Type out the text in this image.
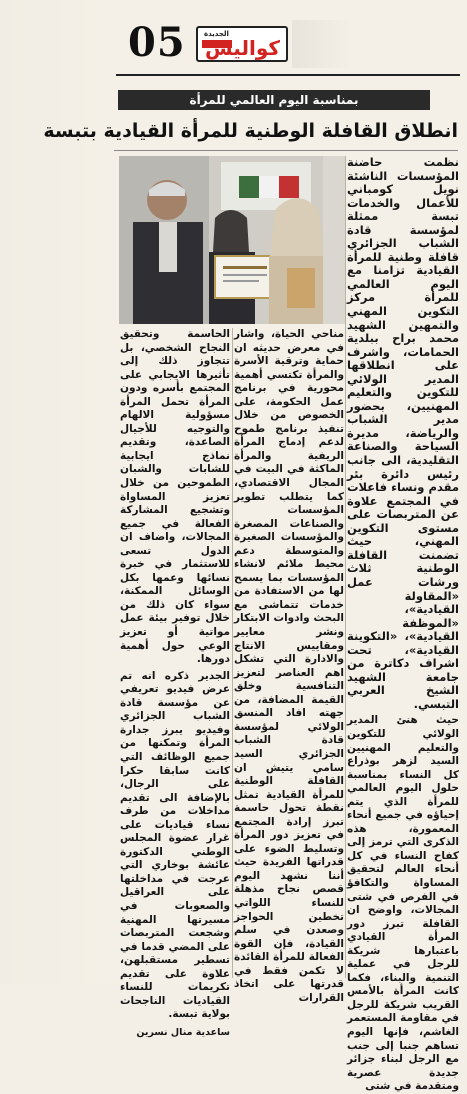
05	الجديدة
كواليس
بمناسبة اليوم العالمي للمرأة
انطلاق القافلة الوطنية للمرأة القيادية بتبسة

نظمت حاضنة المؤسسات الناشئة نويل كومباني للأعمال والخدمات تبسة ممثلة لمؤسسة قادة الشباب الجزائري قافلة وطنية للمرأة القيادية تزامنا مع اليوم العالمي للمرأة مركز التكوين المهني والتمهين الشهيد محمد براح ببلدية الحمامات، واشرف على انطلاقها المدير الولائي للتكوين والتعليم المهنيين، بحضور مدير الشباب والرياضة، مديرة السياحة والصناعة التقليدية، الى جانب رئيس دائرة بئر مقدم ونساء فاعلات في المجتمع علاوة عن المتربصات على مستوى التكوين المهني، حيث تضمنت القافلة الوطنية ثلاث ورشات عمل «المقاولة القيادية»، «الموظفة القيادية»، «التكوينة القيادية»، تحت اشراف دكاترة من جامعة الشهيد الشيخ العربي التبسي.

حيث هنئ المدير الولائي للتكوين والتعليم المهنيين السيد لزهر بوذراع كل النساء بمناسبة حلول اليوم العالمي للمرأة الذي يتم إحياؤه في جميع أنحاء المعمورة، هذه الذكرى التي ترمز إلى كفاح النساء في كل أنحاء العالم لتحقيق المساواة والتكافؤ في الفرص في شتى المجالات، واوضح ان القافلة تبرز دور المرأة القيادي باعتبارها شريكة للرجل في عملية التنمية والبناء، فكما كانت المرأة بالأمس القريب شريكة للرجل في مقاومة المستعمر الغاشم، فإنها اليوم تساهم جنبا إلى جنب مع الرجل لبناء جزائر جديدة عصرية ومتقدمة في شتى

مناحي الحياة، واشار في معرض حديثه ان حماية وترقية الأسرة والمرأة تكتسي أهمية محورية في برنامج عمل الحكومة، على الخصوص من خلال تنفيذ برنامج طموح لدعم إدماج المرأة الريفية والمرأة الماكثة في البيت في المجال الاقتصادي، كما يتطلب تطوير المؤسسات والصناعات المصغرة والمؤسسات الصغيرة والمتوسطة دعم محيط ملائم لانشاء المؤسسات بما يسمح لها من الاستفادة من خدمات تتماشى مع البحث وادوات الابتكار ونشر معايير ومقاييس الانتاج والادارة التي تشكل اهم العناصر لتعزيز التنافسية وخلق القيمة المضافة، من جهته افاد المنسق الولائي لمؤسسة قادة الشباب الجزائري السيد سامي يتيش ان القافلة الوطنية للمرأة القيادية تمثل نقطة تحول حاسمة تبرز إرادة المجتمع في تعزيز دور المرأة وتسليط الضوء على قدراتها الفريدة حيث أننا نشهد اليوم قصص نجاح مذهلة للنساء اللواتي تخطين الحواجز وصعدن في سلم القيادة، فإن القوة الفعالة للمرأة القائدة لا تكمن فقط في قدرتها على اتخاذ القرارات

الحاسمة وتحقيق النجاح الشخصي، بل تتجاوز ذلك إلى تأثيرها الايجابي على المجتمع بأسره ودون المرأة تحمل المرأة مسؤولية الالهام والتوجيه للأجيال الصاعدة، وتقديم نماذج ايجابية للشابات والشبان الطموحين من خلال تعزيز المساواة وتشجيع المشاركة الفعالة في جميع المجالات، واضاف ان الدول تسعى للاستثمار في خبرة نسائها وعمها بكل الوسائل الممكنة، سواء كان ذلك من خلال توفير بيئة عمل مواتية أو تعزيز الوعي حول أهمية دورها.

الجدير ذكره انه تم عرض فيديو تعريفي عن مؤسسة قادة الشباب الجزائري وفيديو يبرز جدارة المرأة وتمكنها من جميع الوظائف التي كانت سابقا حكرا على الرجال، بالإضافة الى تقديم مداخلات من طرف نساء قياديات على غرار عضوة المجلس الوطني الدكتورة عائشة بوخاري التي عرجت في مداخلتها على العراقيل والصعوبات في مسيرتها المهنية وشجعت المتربصات على المضي قدما في تسطير مستقبلهن، علاوة على تقديم تكريمات للنساء القياديات الناجحات بولاية تبسة.

ساعدية منال نسرين
